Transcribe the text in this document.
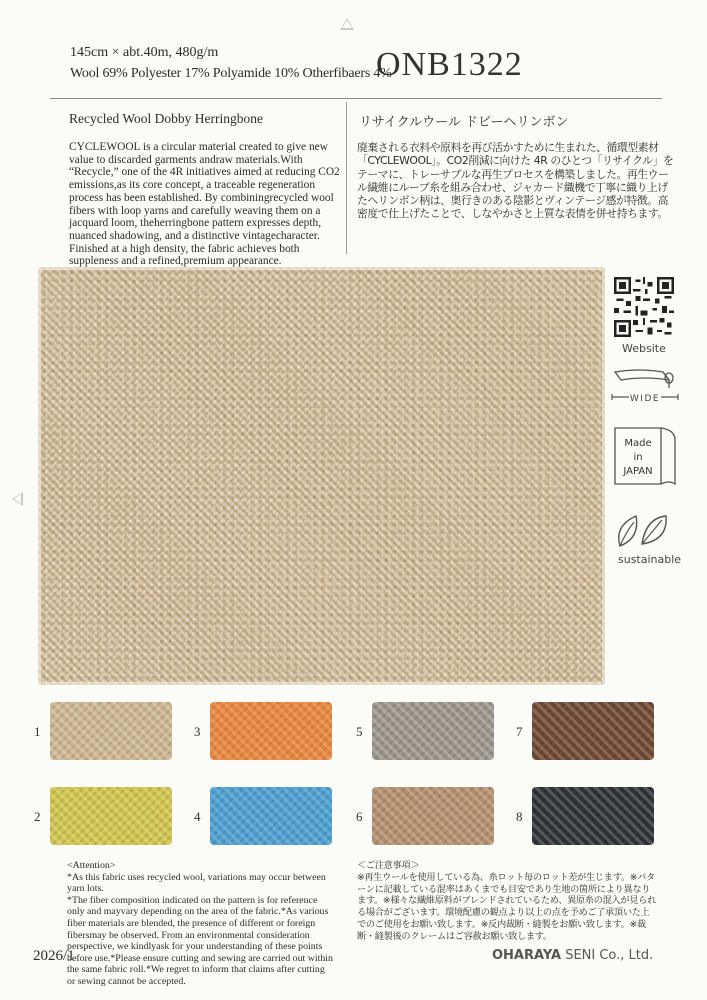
145cm × abt.40m, 480g/m
Wool 69% Polyester 17% Polyamide 10% Otherfibaers 4%
ONB1322
Recycled Wool Dobby Herringbone	リサイクルウール ドビーヘリンボン
CYCLEWOOL is a circular material created to give new value to discarded garments andraw materials.With “Recycle,” one of the 4R initiatives aimed at reducing CO2 emissions,as its core concept, a traceable regeneration process has been established. By combiningrecycled wool fibers with loop yarns and carefully weaving them on a jacquard loom, theherringbone pattern expresses depth, nuanced shadowing, and a distinctive vintagecharacter. Finished at a high density, the fabric achieves both suppleness and a refined,premium appearance.
廃棄される衣料や原料を再び活かすために生まれた、循環型素材「CYCLEWOOL」。CO2削減に向けた 4R のひとつ「リサイクル」をテーマに、トレーサブルな再生プロセスを構築しました。再生ウール繊維にループ糸を組み合わせ、ジャカード織機で丁寧に織り上げたヘリンボン柄は、奥行きのある陰影とヴィンテージ感が特徴。高密度で仕上げたことで、しなやかさと上質な表情を併せ持ちます。
Website
WIDE
Made
in
JAPAN
sustainable
1
2
3
4
5
6
7
8
<Attention>
*As this fabric uses recycled wool, variations may occur between yarn lots.
*The fiber composition indicated on the pattern is for reference only and mayvary depending on the area of the fabric.*As various fiber materials are blended, the presence of different or foreign fibersmay be observed. From an environmental consideration perspective, we kindlyask for your understanding of these points before use.*Please ensure cutting and sewing are carried out within the same fabric roll.*We regret to inform that claims after cutting or sewing cannot be accepted.
＜ご注意事項＞
※再生ウールを使用している為、糸ロット毎のロット差が生じます。※パターンに記載している混率はあくまでも目安であり生地の箇所により異なります。※様々な繊維原料がブレンドされているため、異原糸の混入が見られる場合がございます。環境配慮の観点より以上の点を予めご了承頂いた上でのご使用をお願い致します。※反内裁断・縫製をお願い致します。※裁断・縫製後のクレームはご容赦お願い致します。
2026/1	OHARAYA SENI Co., Ltd.
